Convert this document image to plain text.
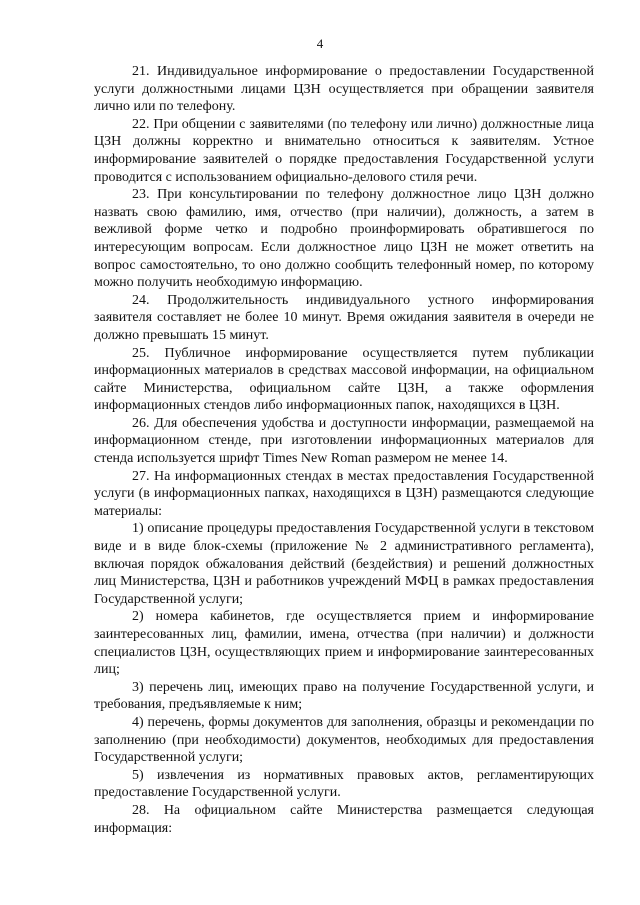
4

21. Индивидуальное информирование о предоставлении Государственной услуги должностными лицами ЦЗН осуществляется при обращении заявителя лично или по телефону.

22. При общении с заявителями (по телефону или лично) должностные лица ЦЗН должны корректно и внимательно относиться к заявителям. Устное информирование заявителей о порядке предоставления Государственной услуги проводится с использованием официально-делового стиля речи.

23. При консультировании по телефону должностное лицо ЦЗН должно назвать свою фамилию, имя, отчество (при наличии), должность, а затем в вежливой форме четко и подробно проинформировать обратившегося по интересующим вопросам. Если должностное лицо ЦЗН не может ответить на вопрос самостоятельно, то оно должно сообщить телефонный номер, по которому можно получить необходимую информацию.

24. Продолжительность индивидуального устного информирования заявителя составляет не более 10 минут. Время ожидания заявителя в очереди не должно превышать 15 минут.

25. Публичное информирование осуществляется путем публикации информационных материалов в средствах массовой информации, на официальном сайте Министерства, официальном сайте ЦЗН, а также оформления информационных стендов либо информационных папок, находящихся в ЦЗН.

26. Для обеспечения удобства и доступности информации, размещаемой на информационном стенде, при изготовлении информационных материалов для стенда используется шрифт Times New Roman размером не менее 14.

27. На информационных стендах в местах предоставления Государственной услуги (в информационных папках, находящихся в ЦЗН) размещаются следующие материалы:

1) описание процедуры предоставления Государственной услуги в текстовом виде и в виде блок-схемы (приложение № 2 административного регламента), включая порядок обжалования действий (бездействия) и решений должностных лиц Министерства, ЦЗН и работников учреждений МФЦ в рамках предоставления Государственной услуги;

2) номера кабинетов, где осуществляется прием и информирование заинтересованных лиц, фамилии, имена, отчества (при наличии) и должности специалистов ЦЗН, осуществляющих прием и информирование заинтересованных лиц;

3) перечень лиц, имеющих право на получение Государственной услуги, и требования, предъявляемые к ним;

4) перечень, формы документов для заполнения, образцы и рекомендации по заполнению (при необходимости) документов, необходимых для предоставления Государственной услуги;

5) извлечения из нормативных правовых актов, регламентирующих предоставление Государственной услуги.

28. На официальном сайте Министерства размещается следующая информация:
